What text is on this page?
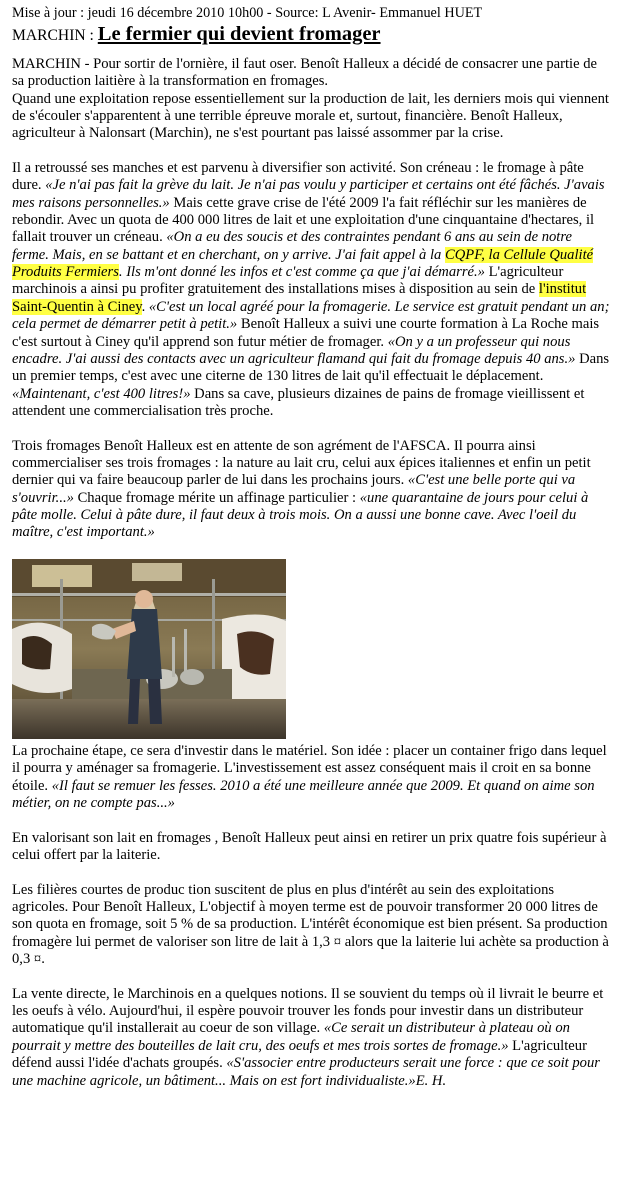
Mise à jour : jeudi 16 décembre 2010 10h00 - Source: L Avenir- Emmanuel HUET
MARCHIN : Le fermier qui devient fromager

MARCHIN - Pour sortir de l'ornière, il faut oser. Benoît Halleux a décidé de consacrer une partie de sa production laitière à la transformation en fromages.

Quand une exploitation repose essentiellement sur la production de lait, les derniers mois qui viennent de s'écouler s'apparentent à une terrible épreuve morale et, surtout, financière. Benoît Halleux, agriculteur à Nalonsart (Marchin), ne s'est pourtant pas laissé assommer par la crise.

Il a retroussé ses manches et est parvenu à diversifier son activité. Son créneau : le fromage à pâte dure. «Je n'ai pas fait la grève du lait. Je n'ai pas voulu y participer et certains ont été fâchés. J'avais mes raisons personnelles.» Mais cette grave crise de l'été 2009 l'a fait réfléchir sur les manières de rebondir. Avec un quota de 400 000 litres de lait et une exploitation d'une cinquantaine d'hectares, il fallait trouver un créneau. «On a eu des soucis et des contraintes pendant 6 ans au sein de notre ferme. Mais, en se battant et en cherchant, on y arrive. J'ai fait appel à la CQPF, la Cellule Qualité Produits Fermiers. Ils m'ont donné les infos et c'est comme ça que j'ai démarré.» L'agriculteur marchinois a ainsi pu profiter gratuitement des installations mises à disposition au sein de l'institut Saint-Quentin à Ciney. «C'est un local agréé pour la fromagerie. Le service est gratuit pendant un an; cela permet de démarrer petit à petit.» Benoît Halleux a suivi une courte formation à La Roche mais c'est surtout à Ciney qu'il apprend son futur métier de fromager. «On y a un professeur qui nous encadre. J'ai aussi des contacts avec un agriculteur flamand qui fait du fromage depuis 40 ans.» Dans un premier temps, c'est avec une citerne de 130 litres de lait qu'il effectuait le déplacement. «Maintenant, c'est 400 litres!» Dans sa cave, plusieurs dizaines de pains de fromage vieillissent et attendent une commercialisation très proche.

Trois fromages Benoît Halleux est en attente de son agrément de l'AFSCA. Il pourra ainsi commercialiser ses trois fromages : la nature au lait cru, celui aux épices italiennes et enfin un petit dernier qui va faire beaucoup parler de lui dans les prochains jours. «C'est une belle porte qui va s'ouvrir...» Chaque fromage mérite un affinage particulier : «une quarantaine de jours pour celui à pâte molle. Celui à pâte dure, il faut deux à trois mois. On a aussi une bonne cave. Avec l'oeil du maître, c'est important.»

La prochaine étape, ce sera d'investir dans le matériel. Son idée : placer un container frigo dans lequel il pourra y aménager sa fromagerie. L'investissement est assez conséquent mais il croit en sa bonne étoile. «Il faut se remuer les fesses. 2010 a été une meilleure année que 2009. Et quand on aime son métier, on ne compte pas...»

En valorisant son lait en fromages , Benoît Halleux peut ainsi en retirer un prix quatre fois supérieur à celui offert par la laiterie.

Les filières courtes de produc tion suscitent de plus en plus d'intérêt au sein des exploitations agricoles. Pour Benoît Halleux, L'objectif à moyen terme est de pouvoir transformer 20 000 litres de son quota en fromage, soit 5 % de sa production. L'intérêt économique est bien présent. Sa production fromagère lui permet de valoriser son litre de lait à 1,3 ¤ alors que la laiterie lui achète sa production à 0,3 ¤.

La vente directe, le Marchinois en a quelques notions. Il se souvient du temps où il livrait le beurre et les oeufs à vélo. Aujourd'hui, il espère pouvoir trouver les fonds pour investir dans un distributeur automatique qu'il installerait au coeur de son village. «Ce serait un distributeur à plateau où on pourrait y mettre des bouteilles de lait cru, des oeufs et mes trois sortes de fromage.» L'agriculteur défend aussi l'idée d'achats groupés. «S'associer entre producteurs serait une force : que ce soit pour une machine agricole, un bâtiment... Mais on est fort individualiste.»E. H.
